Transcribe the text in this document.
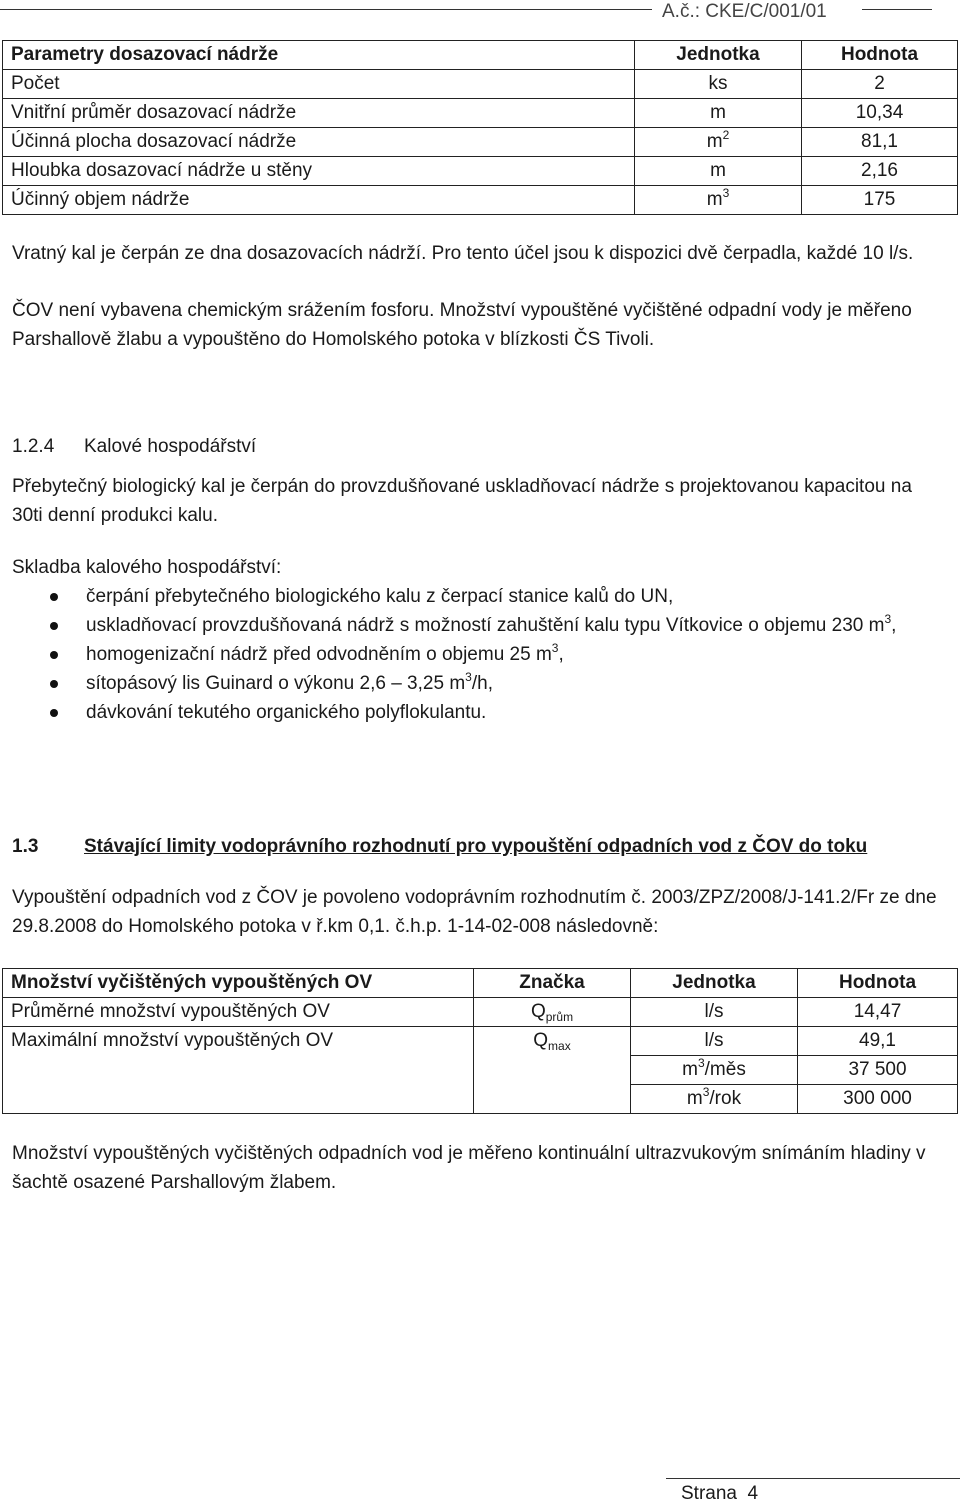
A.č.: CKE/C/001/01
Parametry dosazovací nádrže	Jednotka	Hodnota
Počet	ks	2
Vnitřní průměr dosazovací nádrže	m	10,34
Účinná plocha dosazovací nádrže	$m^2$	81,1
Hloubka dosazovací nádrže u stěny	m	2,16
Účinný objem nádrže	$m^3$	175

Vratný kal je čerpán ze dna dosazovacích nádrží. Pro tento účel jsou k dispozici dvě čerpadla, každé 10 l/s.

ČOV není vybavena chemickým srážením fosforu. Množství vypouštěné vyčištěné odpadní vody je měřeno Parshallově žlabu a vypouštěno do Homolského potoka v blízkosti ČS Tivoli.

1.2.4 Kalové hospodářství

Přebytečný biologický kal je čerpán do provzdušňované uskladňovací nádrže s projektovanou kapacitou na 30ti denní produkci kalu.

Skladba kalového hospodářství:

čerpání přebytečného biologického kalu z čerpací stanice kalů do UN,
uskladňovací provzdušňovaná nádrž s možností zahuštění kalu typu Vítkovice o objemu 230 $m^3$,
homogenizační nádrž před odvodněním o objemu 25 $m^3$,
sítopásový lis Guinard o výkonu 2,6 – 3,25 $m^3/h$,
dávkování tekutého organického polyflokulantu.

1.3 Stávající limity vodoprávního rozhodnutí pro vypouštění odpadních vod z ČOV do toku

Vypouštění odpadních vod z ČOV je povoleno vodoprávním rozhodnutím č. 2003/ZPZ/2008/J-141.2/Fr ze dne 29.8.2008 do Homolského potoka v ř.km 0,1. č.h.p. 1-14-02-008 následovně:

Množství vyčištěných vypouštěných OV	Značka	Jednotka	Hodnota
Průměrné množství vypouštěných OV	$Q_{prům}$	l/s	14,47
Maximální množství vypouštěných OV	$Q_{max}$	l/s	49,1
		$m^3$/měs	37 500
		$m^3$/rok	300 000

Množství vypouštěných vyčištěných odpadních vod je měřeno kontinuální ultrazvukovým snímáním hladiny v šachtě osazené Parshallovým žlabem.

Strana 4
